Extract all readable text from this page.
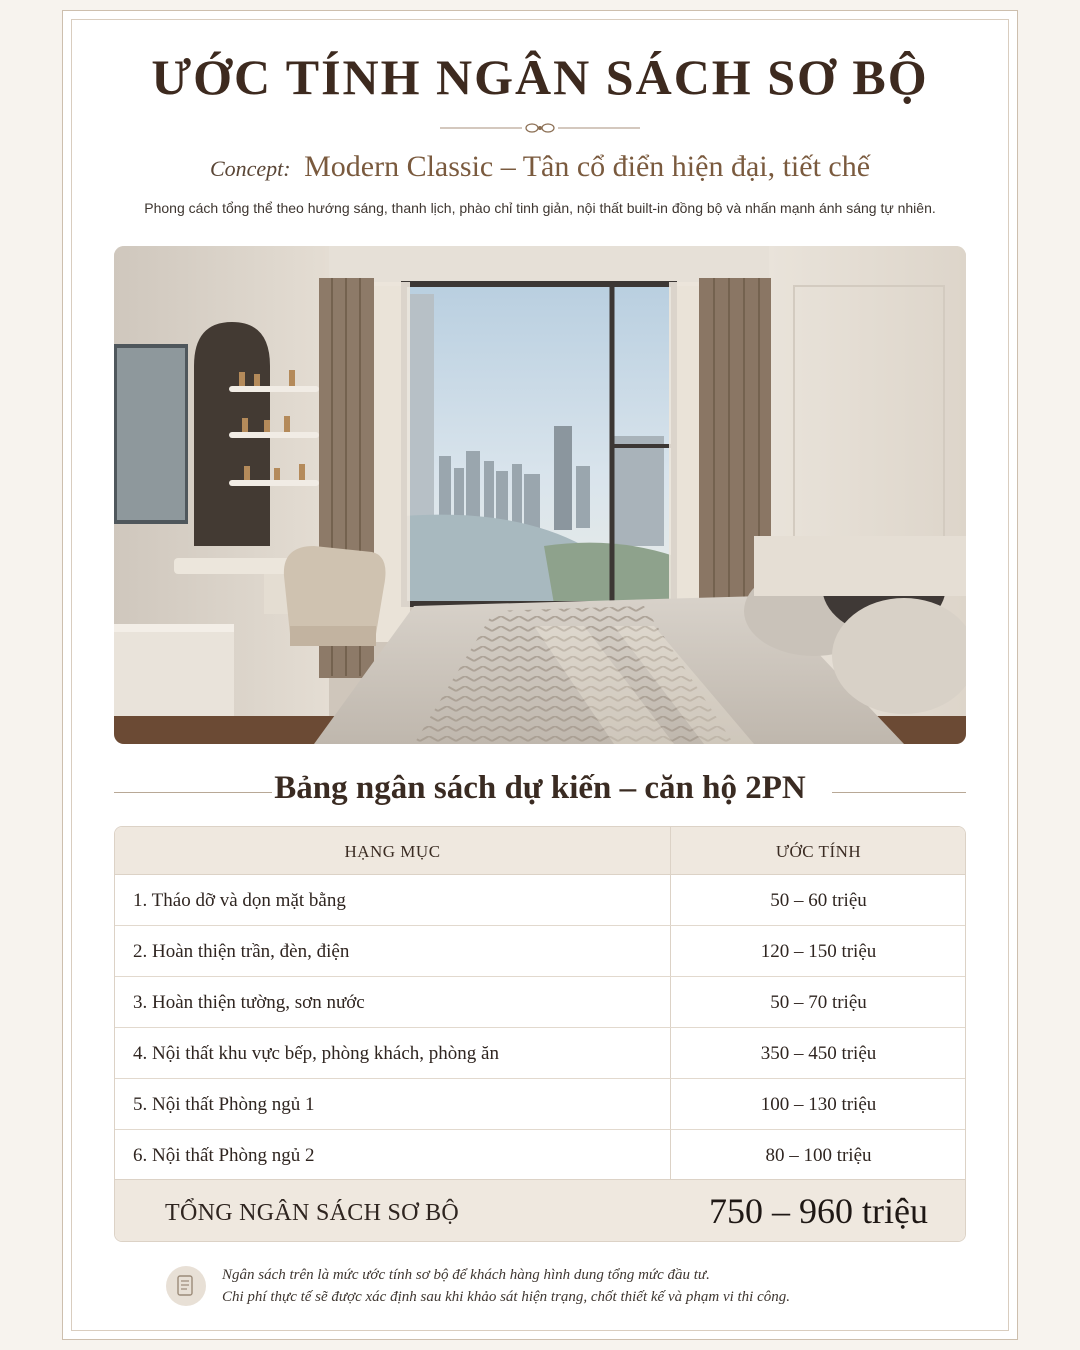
ƯỚC TÍNH NGÂN SÁCH SƠ BỘ
Concept: Modern Classic – Tân cổ điển hiện đại, tiết chế
Phong cách tổng thể theo hướng sáng, thanh lịch, phào chỉ tinh giản, nội thất built-in đồng bộ và nhấn mạnh ánh sáng tự nhiên.
Bảng ngân sách dự kiến – căn hộ 2PN
HẠNG MỤC	ƯỚC TÍNH
1. Tháo dỡ và dọn mặt bằng	50 – 60 triệu
2. Hoàn thiện trần, đèn, điện	120 – 150 triệu
3. Hoàn thiện tường, sơn nước	50 – 70 triệu
4. Nội thất khu vực bếp, phòng khách, phòng ăn	350 – 450 triệu
5. Nội thất Phòng ngủ 1	100 – 130 triệu
6. Nội thất Phòng ngủ 2	80 – 100 triệu
TỔNG NGÂN SÁCH SƠ BỘ	750 – 960 triệu
Ngân sách trên là mức ước tính sơ bộ để khách hàng hình dung tổng mức đầu tư.
Chi phí thực tế sẽ được xác định sau khi khảo sát hiện trạng, chốt thiết kế và phạm vi thi công.
